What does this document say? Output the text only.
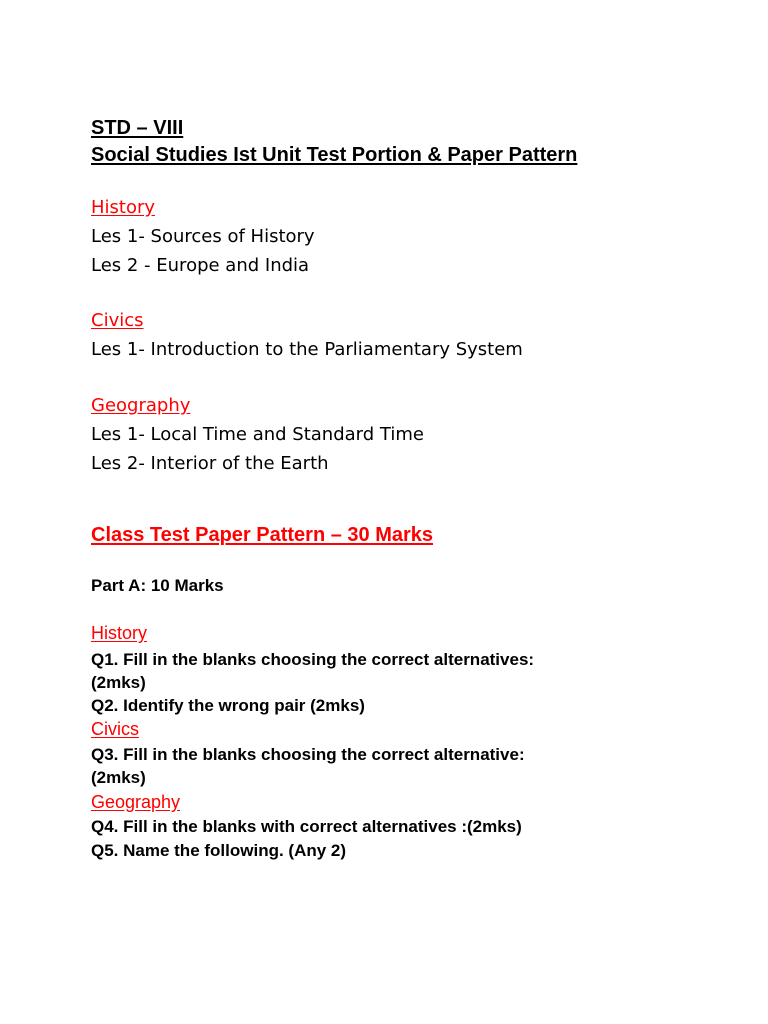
STD – VIII
Social Studies Ist Unit Test Portion & Paper Pattern
History
Les 1- Sources of History
Les 2 - Europe and India
Civics
Les 1- Introduction to the Parliamentary System
Geography
Les 1- Local Time and Standard Time
Les 2- Interior of the Earth
Class Test Paper Pattern – 30 Marks
Part A: 10 Marks
History
Q1. Fill in the blanks choosing the correct alternatives:
(2mks)
Q2. Identify the wrong pair (2mks)
Civics
Q3. Fill in the blanks choosing the correct alternative:
(2mks)
Geography
Q4. Fill in the blanks with correct alternatives :(2mks)
Q5. Name the following. (Any 2)
